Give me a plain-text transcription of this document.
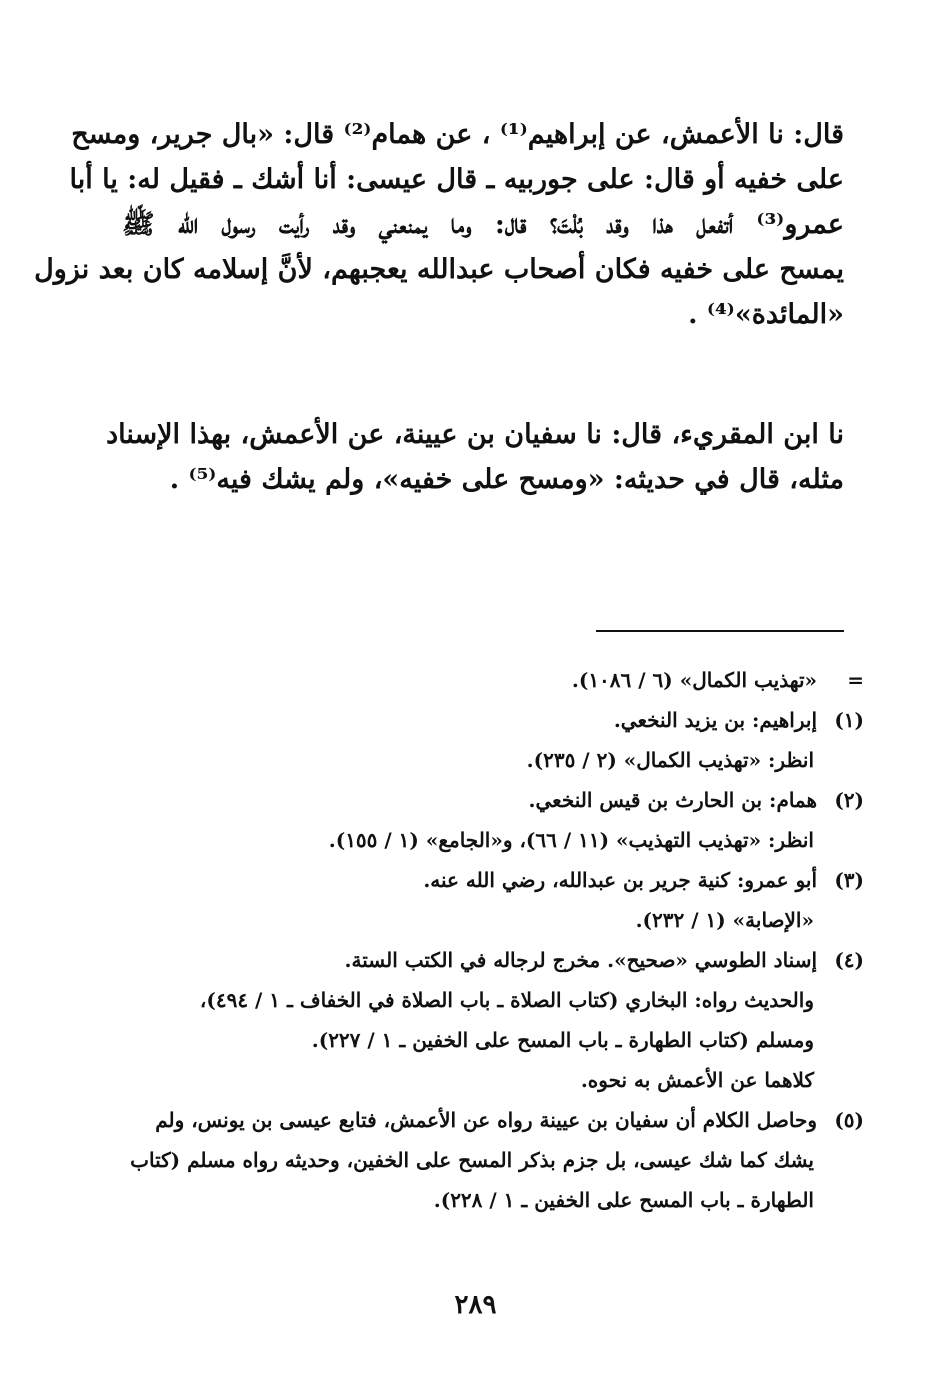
قال: نا الأعمش، عن إبراهيم⁽¹⁾ ، عن همام⁽²⁾ قال: «بال جرير، ومسح
على خفيه أو قال: على جوربيه ـ قال عيسى: أنا أشك ـ فقيل له: يا أبا
عمرو⁽³⁾ أتفعل هذا وقد بُلْتَ؟ قال: وما يمنعني وقد رأيت رسول الله ﷺ
يمسح على خفيه فكان أصحاب عبدالله يعجبهم، لأنَّ إسلامه كان بعد نزول
«المائدة»⁽⁴⁾ .
نا ابن المقريء، قال: نا سفيان بن عيينة، عن الأعمش، بهذا الإسناد
مثله، قال في حديثه: «ومسح على خفيه»، ولم يشك فيه⁽⁵⁾ .
= «تهذيب الكمال» (٦ / ١٠٨٦).
(١) إبراهيم: بن يزيد النخعي.
انظر: «تهذيب الكمال» (٢ / ٢٣٥).
(٢) همام: بن الحارث بن قيس النخعي.
انظر: «تهذيب التهذيب» (١١ / ٦٦)، و«الجامع» (١ / ١٥٥).
(٣) أبو عمرو: كنية جرير بن عبدالله، رضي الله عنه.
«الإصابة» (١ / ٢٣٢).
(٤) إسناد الطوسي «صحيح». مخرج لرجاله في الكتب الستة.
والحديث رواه: البخاري (كتاب الصلاة ـ باب الصلاة في الخفاف ـ ١ / ٤٩٤)،
ومسلم (كتاب الطهارة ـ باب المسح على الخفين ـ ١ / ٢٢٧).
كلاهما عن الأعمش به نحوه.
(٥) وحاصل الكلام أن سفيان بن عيينة رواه عن الأعمش، فتابع عيسى بن يونس، ولم
يشك كما شك عيسى، بل جزم بذكر المسح على الخفين، وحديثه رواه مسلم (كتاب
الطهارة ـ باب المسح على الخفين ـ ١ / ٢٢٨).
٢٨٩
